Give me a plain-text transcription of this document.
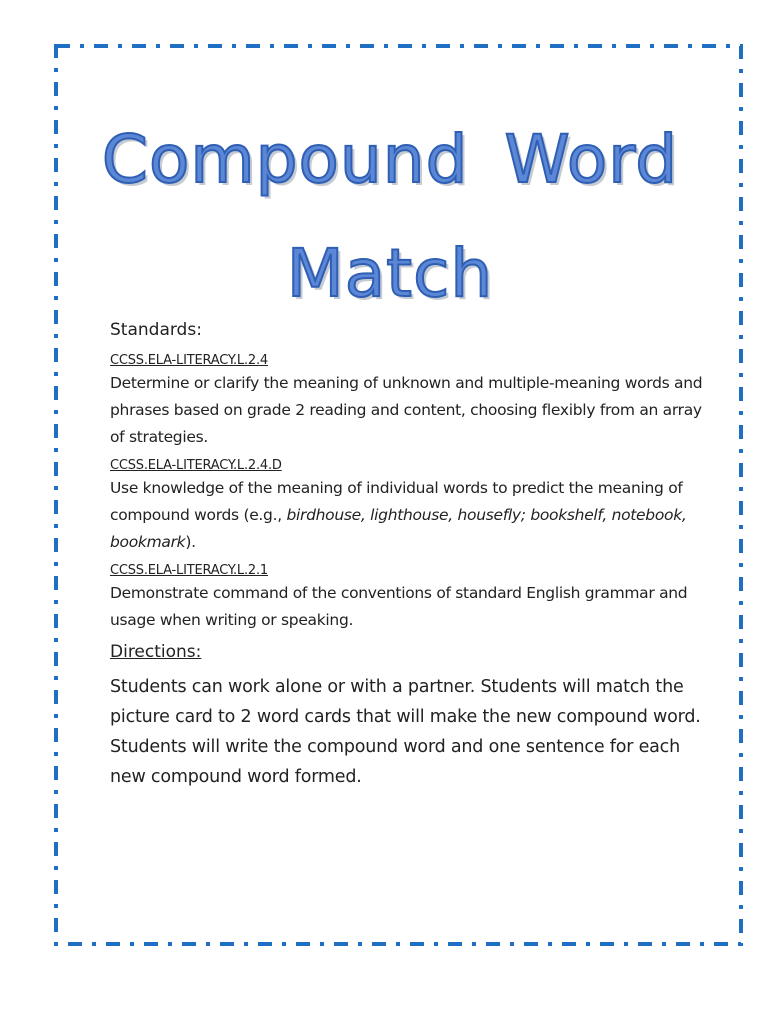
Compound Word
Match

Standards:

CCSS.ELA-LITERACY.L.2.4

Determine or clarify the meaning of unknown and multiple-meaning words and phrases based on grade 2 reading and content, choosing flexibly from an array of strategies.

CCSS.ELA-LITERACY.L.2.4.D

Use knowledge of the meaning of individual words to predict the meaning of compound words (e.g., birdhouse, lighthouse, housefly; bookshelf, notebook, bookmark).

CCSS.ELA-LITERACY.L.2.1

Demonstrate command of the conventions of standard English grammar and usage when writing or speaking.

Directions:

Students can work alone or with a partner. Students will match the picture card to 2 word cards that will make the new compound word. Students will write the compound word and one sentence for each new compound word formed.
